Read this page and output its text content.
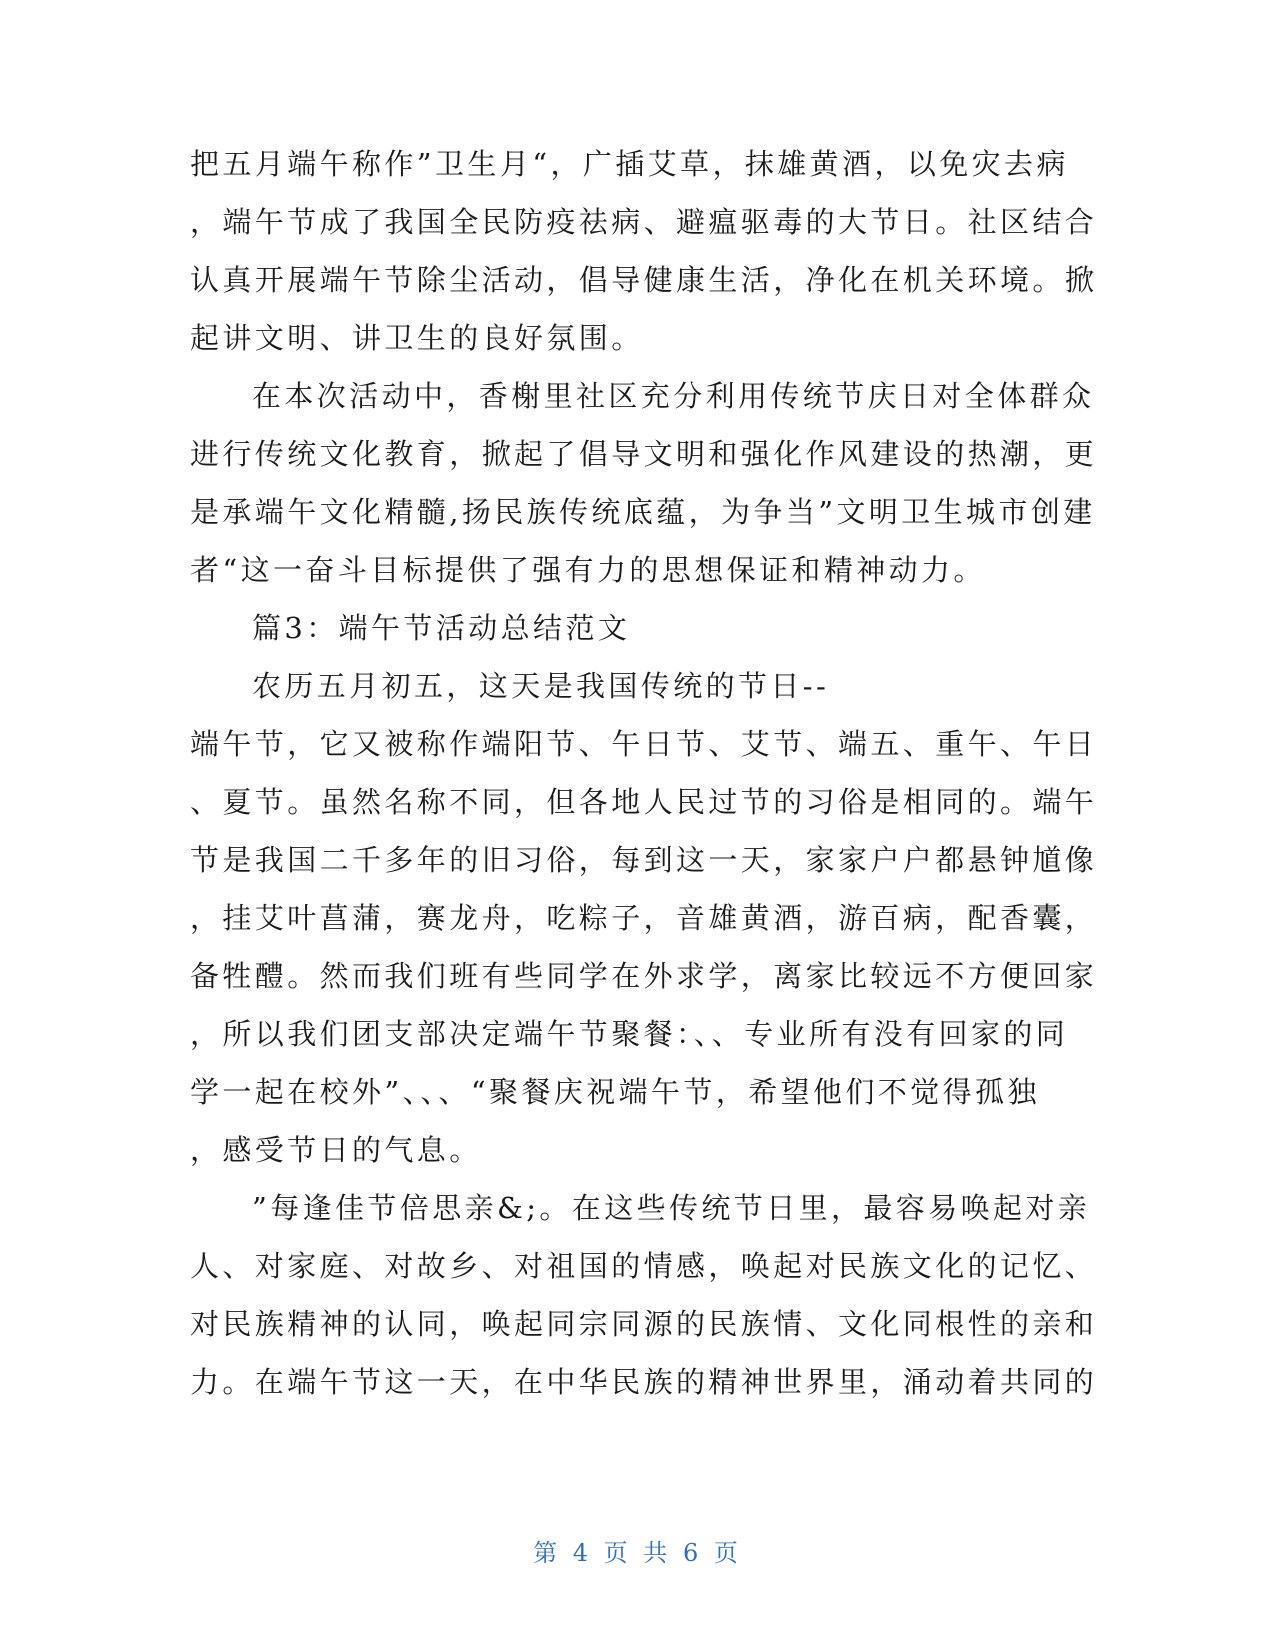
把五月端午称作”卫生月“，广插艾草，抹雄黄酒，以免灾去病
，端午节成了我国全民防疫祛病、避瘟驱毒的大节日。社区结合
认真开展端午节除尘活动，倡导健康生活，净化在机关环境。掀
起讲文明、讲卫生的良好氛围。
在本次活动中，香榭里社区充分利用传统节庆日对全体群众
进行传统文化教育，掀起了倡导文明和强化作风建设的热潮，更
是承端午文化精髓,扬民族传统底蕴，为争当”文明卫生城市创建
者“这一奋斗目标提供了强有力的思想保证和精神动力。
篇3：端午节活动总结范文
农历五月初五，这天是我国传统的节日--
端午节，它又被称作端阳节、午日节、艾节、端五、重午、午日
、夏节。虽然名称不同，但各地人民过节的习俗是相同的。端午
节是我国二千多年的旧习俗，每到这一天，家家户户都悬钟馗像
，挂艾叶菖蒲，赛龙舟，吃粽子，音雄黄酒，游百病，配香囊，
备牲醴。然而我们班有些同学在外求学，离家比较远不方便回家
，所以我们团支部决定端午节聚餐：、、专业所有没有回家的同
学一起在校外”、、、“聚餐庆祝端午节，希望他们不觉得孤独
，感受节日的气息。
”每逢佳节倍思亲&;。在这些传统节日里，最容易唤起对亲
人、对家庭、对故乡、对祖国的情感，唤起对民族文化的记忆、
对民族精神的认同，唤起同宗同源的民族情、文化同根性的亲和
力。在端午节这一天，在中华民族的精神世界里，涌动着共同的
第 4 页 共 6 页
